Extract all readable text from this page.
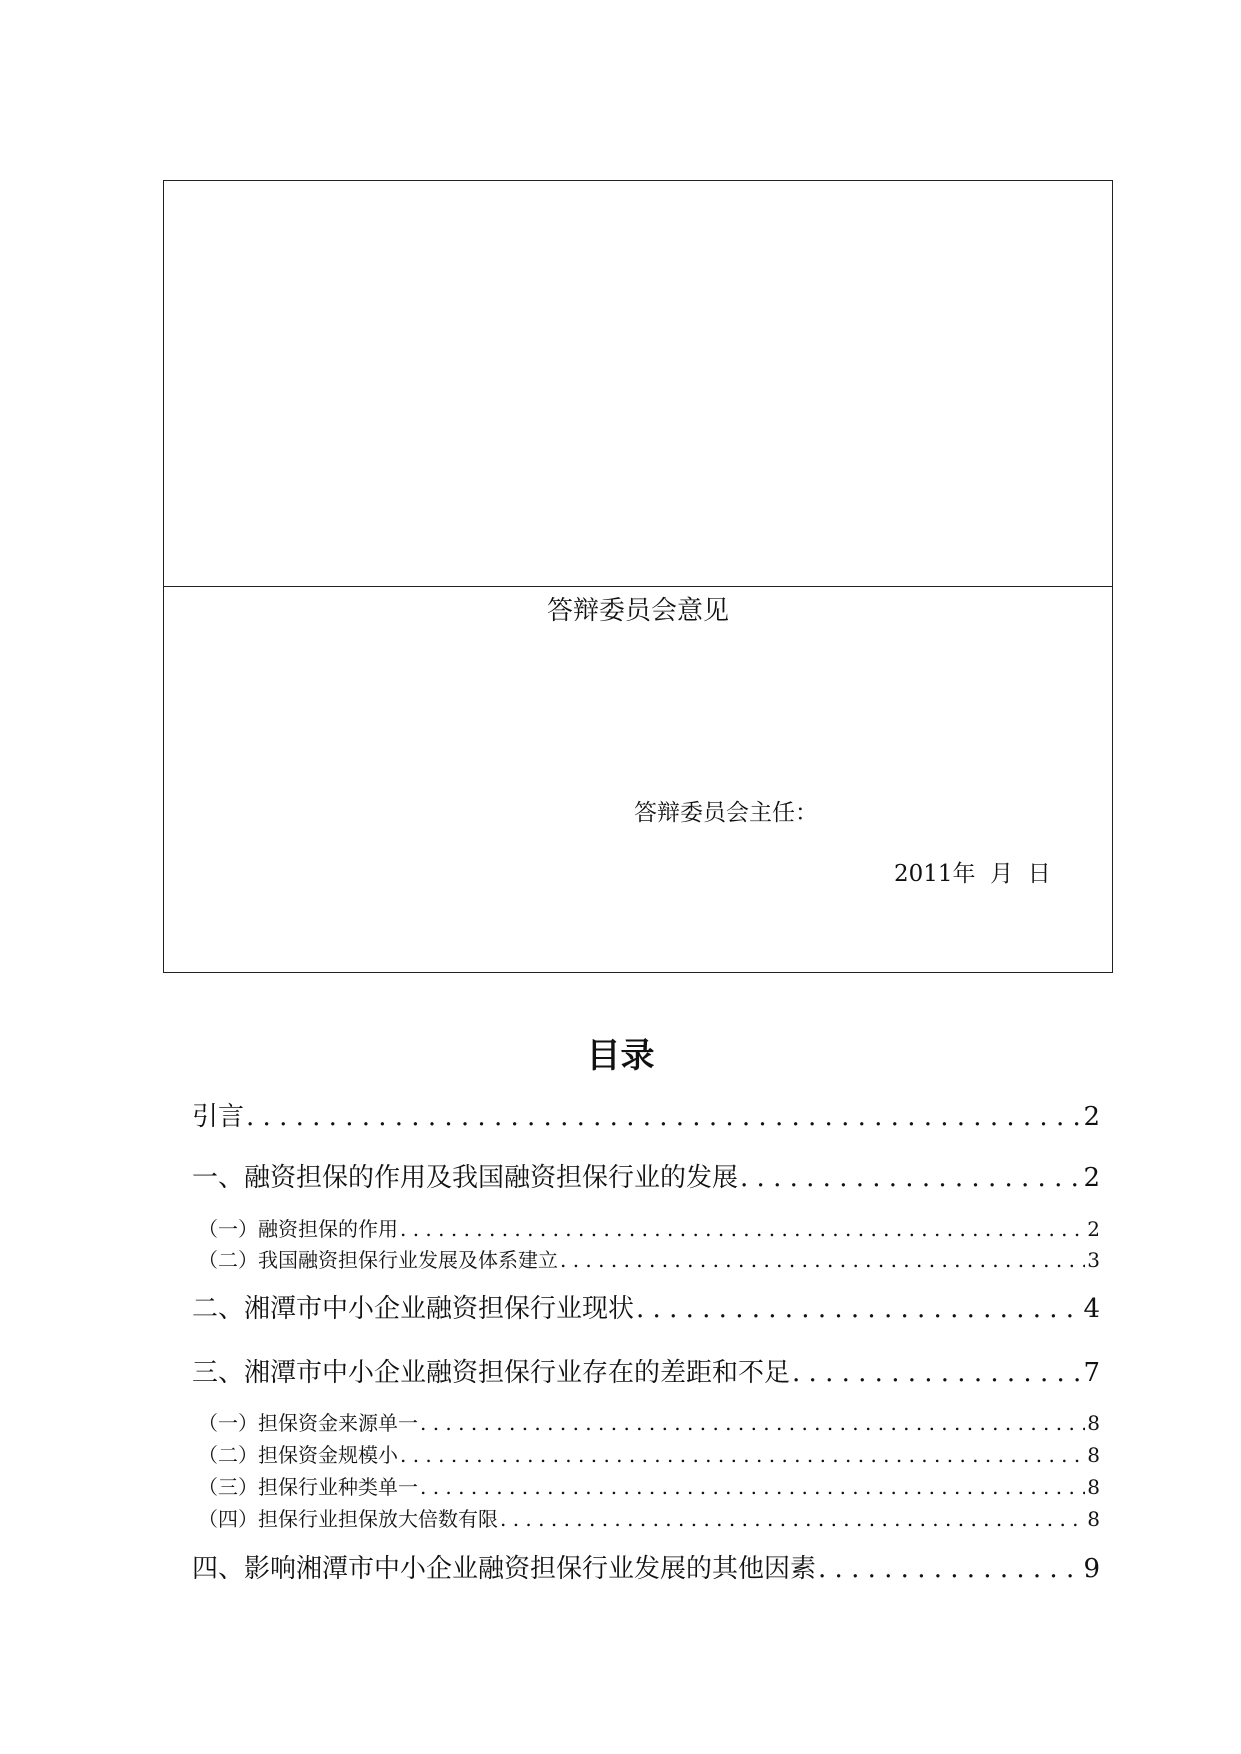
答辩委员会意见
答辩委员会主任：
2011年  月  日
目录
引言 . . .	2
一、融资担保的作用及我国融资担保行业的发展 . . .	2
（一）融资担保的作用 . . .	2
（二）我国融资担保行业发展及体系建立 . . .	3
二、湘潭市中小企业融资担保行业现状 . . .	4
三、湘潭市中小企业融资担保行业存在的差距和不足 . . .	7
（一）担保资金来源单一 . . .	8
（二）担保资金规模小 . . .	8
（三）担保行业种类单一 . . .	8
（四）担保行业担保放大倍数有限 . . .	8
四、影响湘潭市中小企业融资担保行业发展的其他因素 . . .	9
